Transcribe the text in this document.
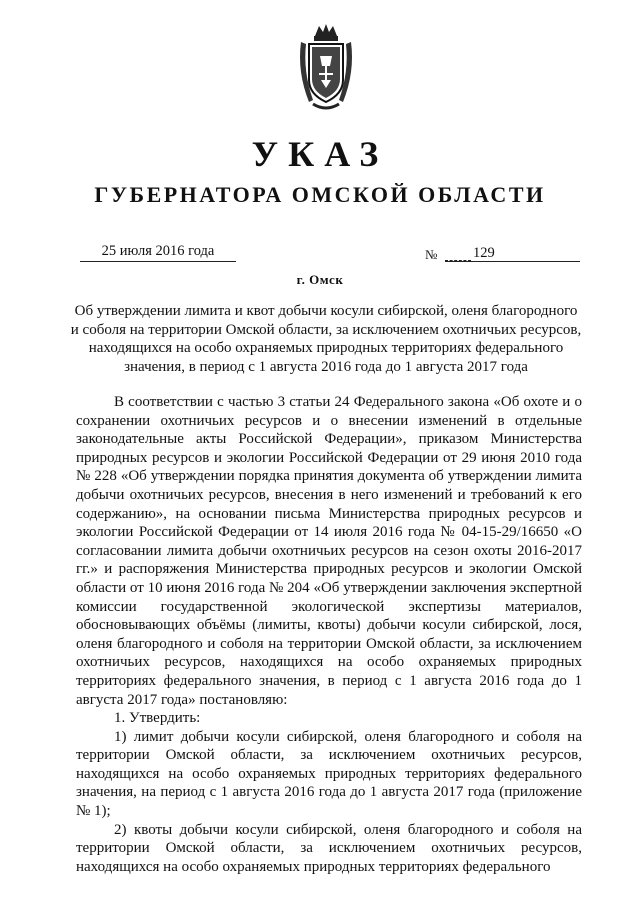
УКАЗ
ГУБЕРНАТОРА ОМСКОЙ ОБЛАСТИ
25 июля 2016 года	№ 129
г. Омск
Об утверждении лимита и квот добычи косули сибирской, оленя благородного и соболя на территории Омской области, за исключением охотничьих ресурсов, находящихся на особо охраняемых природных территориях федерального значения, в период с 1 августа 2016 года до 1 августа 2017 года

В соответствии с частью 3 статьи 24 Федерального закона «Об охоте и о сохранении охотничьих ресурсов и о внесении изменений в отдельные законодательные акты Российской Федерации», приказом Министерства природных ресурсов и экологии Российской Федерации от 29 июня 2010 года № 228 «Об утверждении порядка принятия документа об утверждении лимита добычи охотничьих ресурсов, внесения в него изменений и требований к его содержанию», на основании письма Министерства природных ресурсов и экологии Российской Федерации от 14 июля 2016 года № 04-15-29/16650 «О согласовании лимита добычи охотничьих ресурсов на сезон охоты 2016-2017 гг.» и распоряжения Министерства природных ресурсов и экологии Омской области от 10 июня 2016 года № 204 «Об утверждении заключения экспертной комиссии государственной экологической экспертизы материалов, обосновывающих объёмы (лимиты, квоты) добычи косули сибирской, лося, оленя благородного и соболя на территории Омской области, за исключением охотничьих ресурсов, находящихся на особо охраняемых природных территориях федерального значения, в период с 1 августа 2016 года до 1 августа 2017 года» постановляю:

1. Утвердить:

1) лимит добычи косули сибирской, оленя благородного и соболя на территории Омской области, за исключением охотничьих ресурсов, находящихся на особо охраняемых природных территориях федерального значения, на период с 1 августа 2016 года до 1 августа 2017 года (приложение № 1);

2) квоты добычи косули сибирской, оленя благородного и соболя на территории Омской области, за исключением охотничьих ресурсов, находящихся на особо охраняемых природных территориях федерального
